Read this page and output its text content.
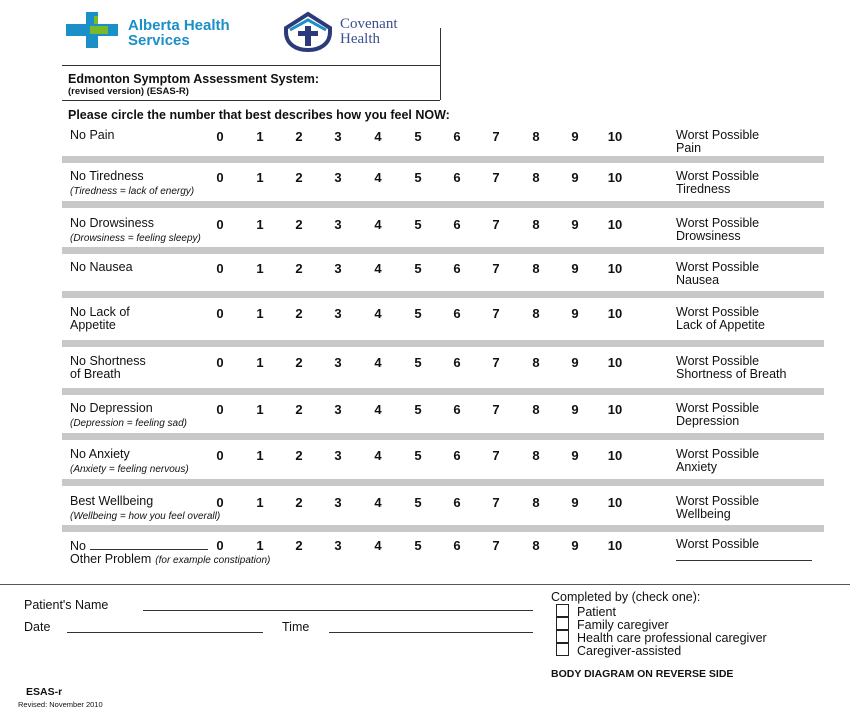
Alberta Health
Services
Covenant
Health
Edmonton Symptom Assessment System:
(revised version) (ESAS-R)
Please circle the number that best describes how you feel NOW:
No Pain	0	1	2	3	4	5	6	7	8	9	10	Worst Possible
Pain
No Tiredness
(Tiredness = lack of energy)
0	1	2	3	4	5	6	7	8	9	10	Worst Possible
Tiredness
No Drowsiness
(Drowsiness = feeling sleepy)
0	1	2	3	4	5	6	7	8	9	10	Worst Possible
Drowsiness
No Nausea	0	1	2	3	4	5	6	7	8	9	10	Worst Possible
Nausea
No Lack of
Appetite
0	1	2	3	4	5	6	7	8	9	10	Worst Possible
Lack of Appetite
No Shortness
of Breath
0	1	2	3	4	5	6	7	8	9	10	Worst Possible
Shortness of Breath
No Depression
(Depression = feeling sad)
0	1	2	3	4	5	6	7	8	9	10	Worst Possible
Depression
No Anxiety
(Anxiety = feeling nervous)
0	1	2	3	4	5	6	7	8	9	10	Worst Possible
Anxiety
Best Wellbeing
(Wellbeing = how you feel overall)
0	1	2	3	4	5	6	7	8	9	10	Worst Possible
Wellbeing
No
Other Problem (for example constipation)
0	1	2	3	4	5	6	7	8	9	10	Worst Possible
Patient's Name
Date	Time
Completed by (check one):
Patient
Family caregiver
Health care professional caregiver
Caregiver-assisted
BODY DIAGRAM ON REVERSE SIDE
ESAS-r
Revised: November 2010
